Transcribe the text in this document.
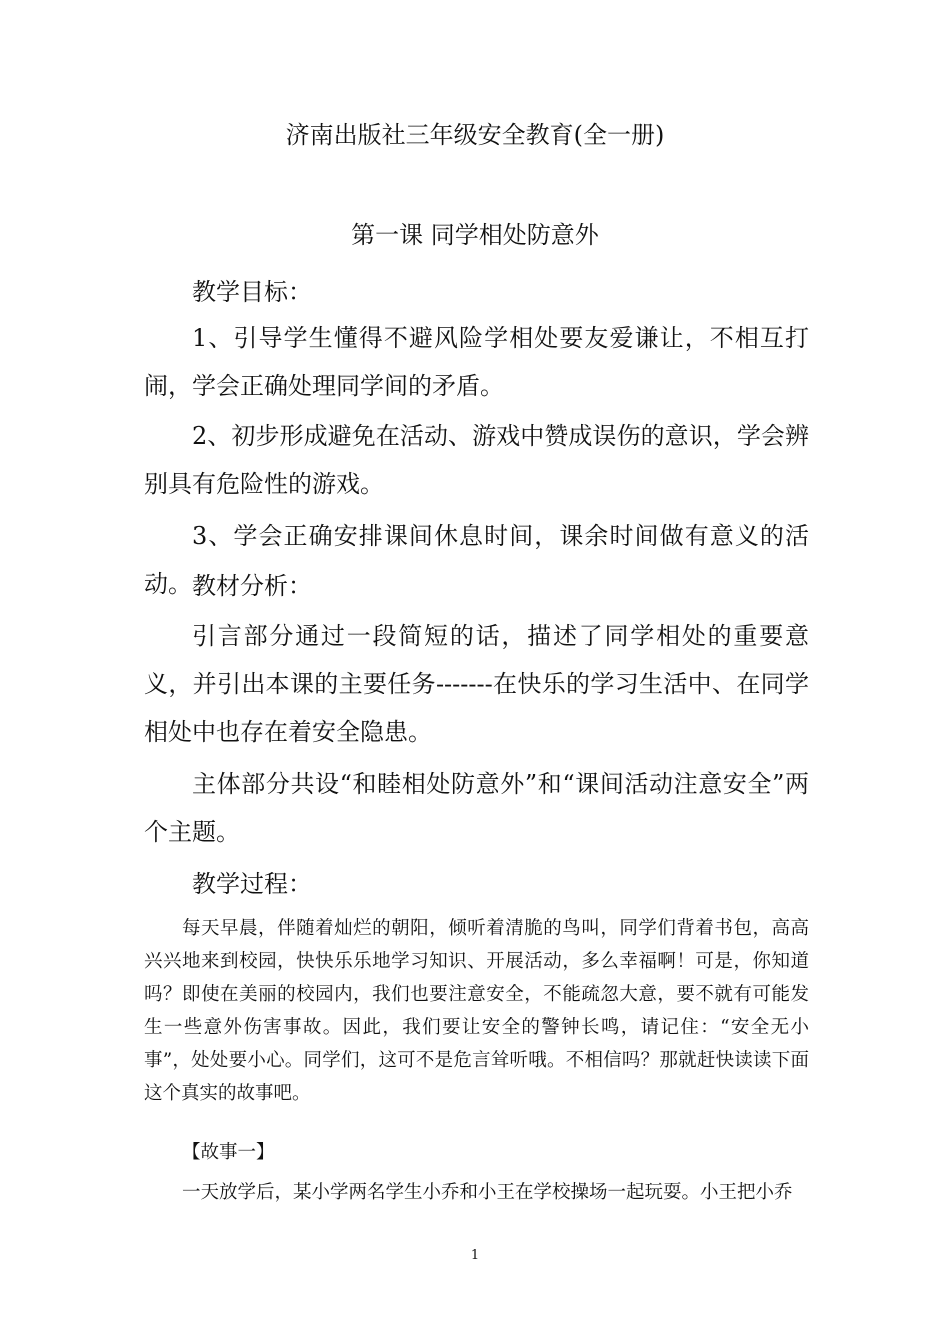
济南出版社三年级安全教育(全一册)
第一课 同学相处防意外

教学目标：

1、引导学生懂得不避风险学相处要友爱谦让，不相互打闹，学会正确处理同学间的矛盾。

2、初步形成避免在活动、游戏中赞成误伤的意识，学会辨别具有危险性的游戏。

3、学会正确安排课间休息时间，课余时间做有意义的活动。 教材分析：

引言部分通过一段简短的话，描述了同学相处的重要意义，并引出本课的主要任务-------在快乐的学习生活中、在同学相处中也存在着安全隐患。

主体部分共设“和睦相处防意外”和“课间活动注意安全”两个主题。

教学过程：

每天早晨，伴随着灿烂的朝阳，倾听着清脆的鸟叫，同学们背着书包，高高兴兴地来到校园，快快乐乐地学习知识、开展活动，多么幸福啊！可是，你知道吗？即使在美丽的校园内，我们也要注意安全，不能疏忽大意，要不就有可能发生一些意外伤害事故。因此，我们要让安全的警钟长鸣，请记住：“安全无小事”，处处要小心。同学们，这可不是危言耸听哦。不相信吗？那就赶快读读下面这个真实的故事吧。

【故事一】

一天放学后，某小学两名学生小乔和小王在学校操场一起玩耍。小王把小乔

1
